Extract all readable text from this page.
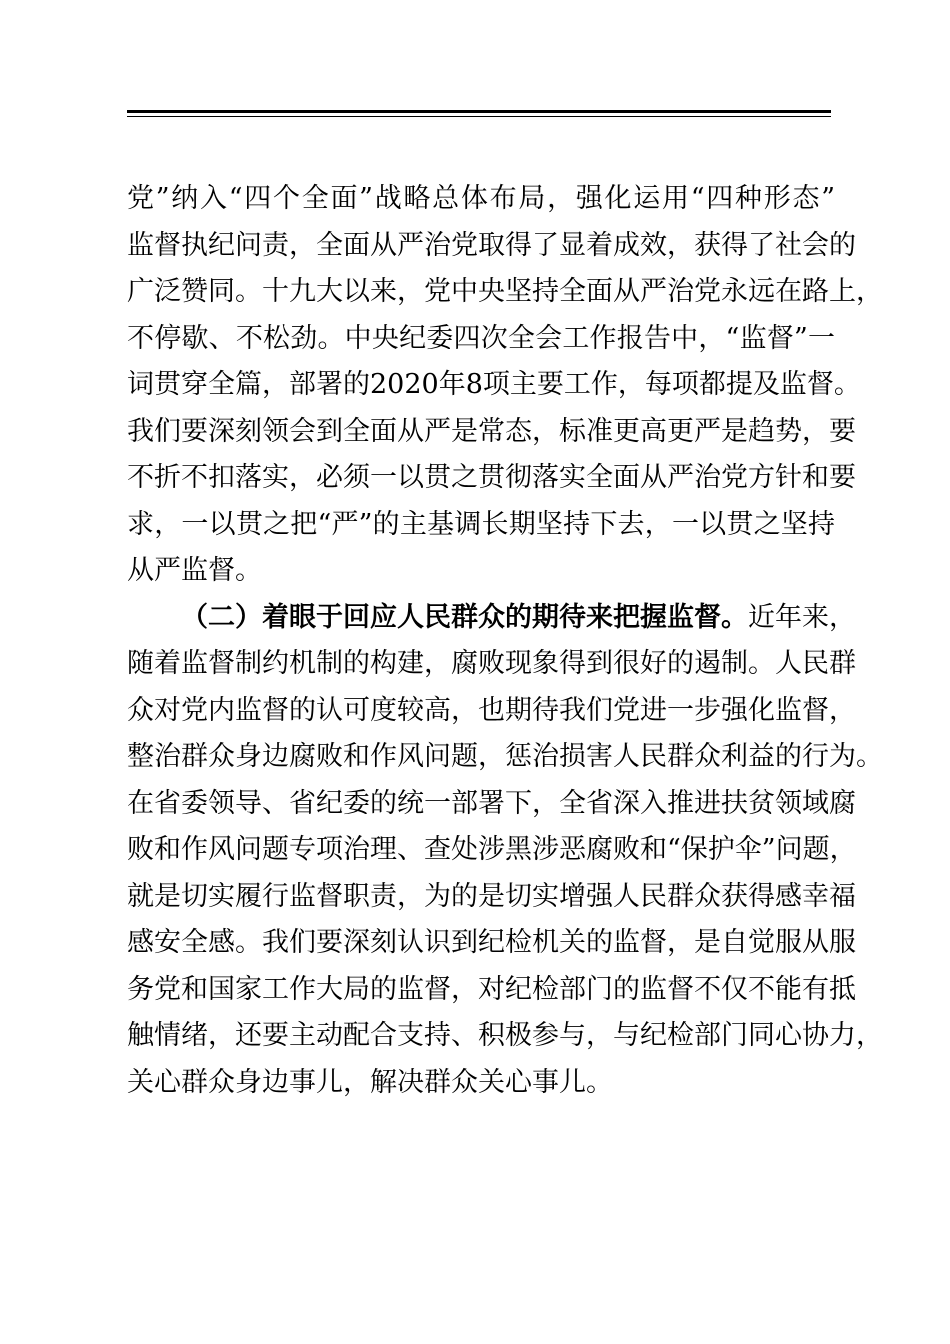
党”纳入“四个全面”战略总体布局，强化运用“四种形态”
监督执纪问责，全面从严治党取得了显着成效，获得了社会的
广泛赞同。十九大以来，党中央坚持全面从严治党永远在路上，
不停歇、不松劲。中央纪委四次全会工作报告中，“监督”一
词贯穿全篇，部署的2020年8项主要工作，每项都提及监督。
我们要深刻领会到全面从严是常态，标准更高更严是趋势，要
不折不扣落实，必须一以贯之贯彻落实全面从严治党方针和要
求，一以贯之把“严”的主基调长期坚持下去，一以贯之坚持
从严监督。
（二）着眼于回应人民群众的期待来把握监督。近年来，
随着监督制约机制的构建，腐败现象得到很好的遏制。人民群
众对党内监督的认可度较高，也期待我们党进一步强化监督，
整治群众身边腐败和作风问题，惩治损害人民群众利益的行为。
在省委领导、省纪委的统一部署下，全省深入推进扶贫领域腐
败和作风问题专项治理、查处涉黑涉恶腐败和“保护伞”问题，
就是切实履行监督职责，为的是切实增强人民群众获得感幸福
感安全感。我们要深刻认识到纪检机关的监督，是自觉服从服
务党和国家工作大局的监督，对纪检部门的监督不仅不能有抵
触情绪，还要主动配合支持、积极参与，与纪检部门同心协力，
关心群众身边事儿，解决群众关心事儿。
